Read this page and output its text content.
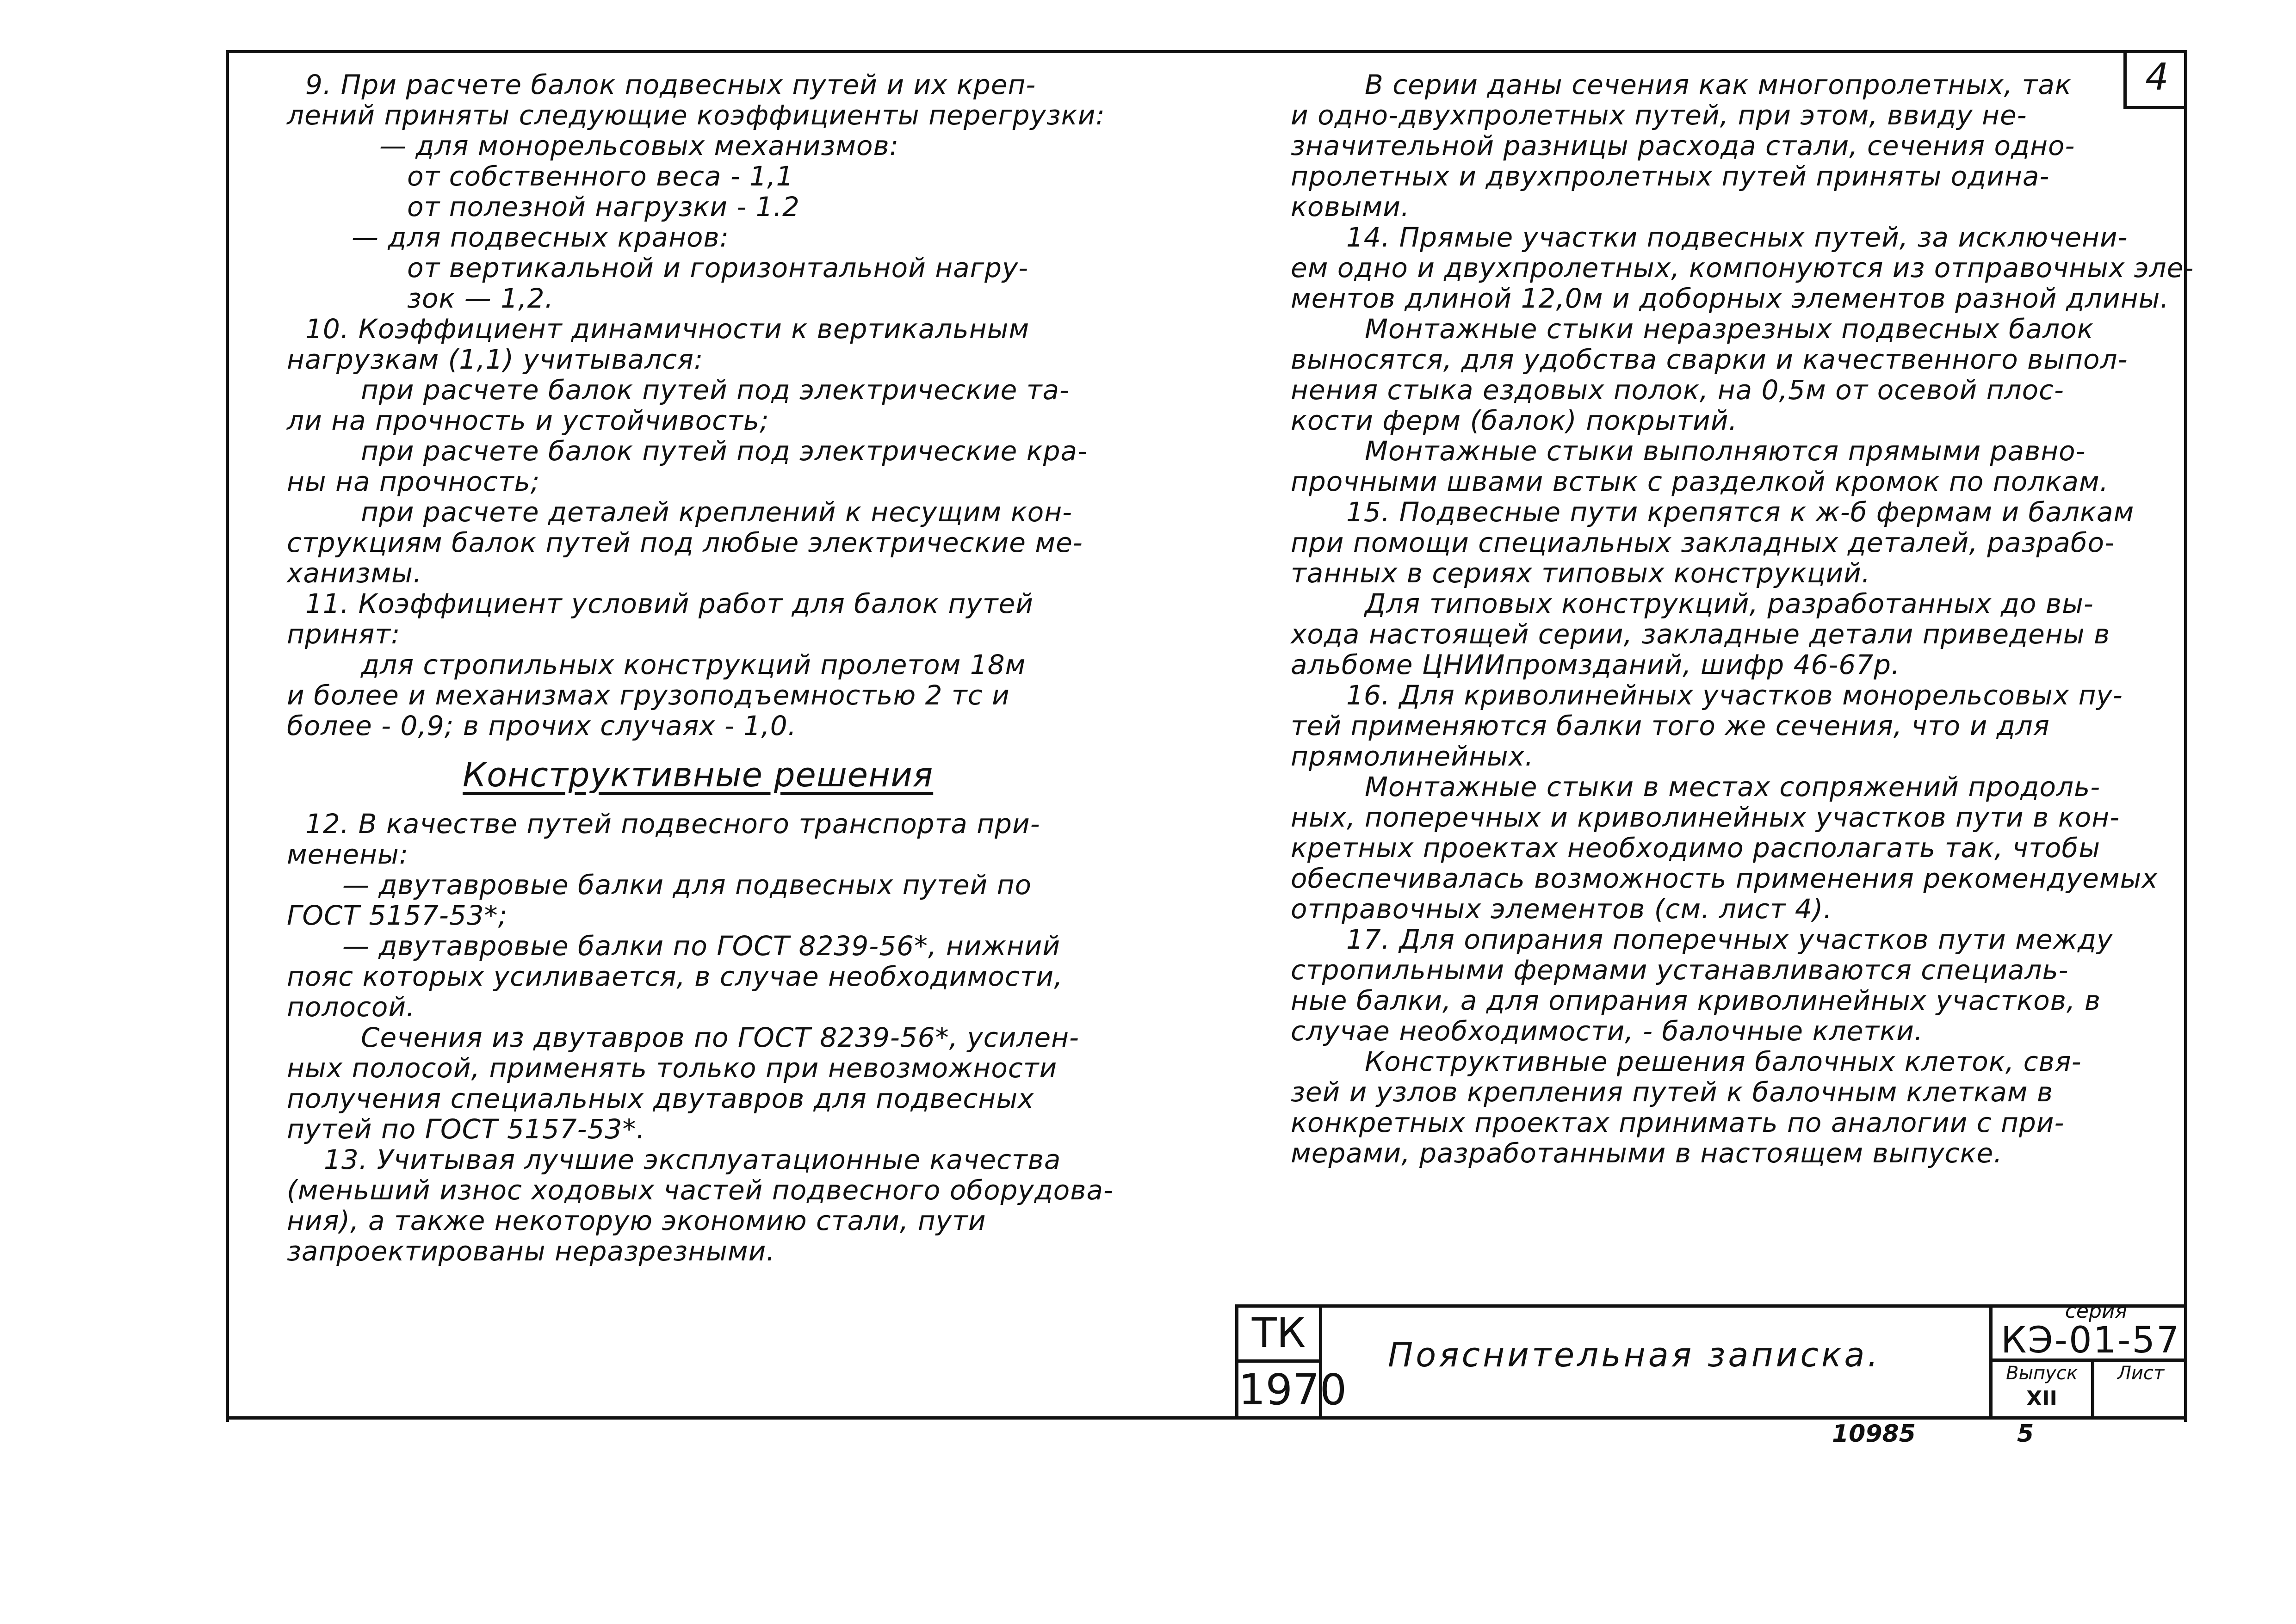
4
9. При расчете балок подвесных путей и их креп-
лений приняты следующие коэффициенты перегрузки:
— для монорельсовых механизмов:
от собственного веса - 1,1
от полезной нагрузки - 1.2
— для подвесных кранов:
от вертикальной и горизонтальной нагру-
зок — 1,2.
10. Коэффициент динамичности к вертикальным
нагрузкам (1,1) учитывался:
при расчете балок путей под электрические та-
ли на прочность и устойчивость;
при расчете балок путей под электрические кра-
ны на прочность;
при расчете деталей креплений к несущим кон-
струкциям балок путей под любые электрические ме-
ханизмы.
11. Коэффициент условий работ для балок путей
принят:
для стропильных конструкций пролетом 18м
и более и механизмах грузоподъемностью 2 тс и
более - 0,9; в прочих случаях - 1,0.
Конструктивные решения
12. В качестве путей подвесного транспорта при-
менены:
— двутавровые балки для подвесных путей по
ГОСТ 5157-53*;
— двутавровые балки по ГОСТ 8239-56*, нижний
пояс которых усиливается, в случае необходимости,
полосой.
Сечения из двутавров по ГОСТ 8239-56*, усилен-
ных полосой, применять только при невозможности
получения специальных двутавров для подвесных
путей по ГОСТ 5157-53*.
13. Учитывая лучшие эксплуатационные качества
(меньший износ ходовых частей подвесного оборудова-
ния), а также некоторую экономию стали, пути
запроектированы неразрезными.
В серии даны сечения как многопролетных, так
и одно-двухпролетных путей, при этом, ввиду не-
значительной разницы расхода стали, сечения одно-
пролетных и двухпролетных путей приняты одина-
ковыми.
14. Прямые участки подвесных путей, за исключени-
ем одно и двухпролетных, компонуются из отправочных эле-
ментов длиной 12,0м и доборных элементов разной длины.
Монтажные стыки неразрезных подвесных балок
выносятся, для удобства сварки и качественного выпол-
нения стыка ездовых полок, на 0,5м от осевой плос-
кости ферм (балок) покрытий.
Монтажные стыки выполняются прямыми равно-
прочными швами встык с разделкой кромок по полкам.
15. Подвесные пути крепятся к ж-б фермам и балкам
при помощи специальных закладных деталей, разрабо-
танных в сериях типовых конструкций.
Для типовых конструкций, разработанных до вы-
хода настоящей серии, закладные детали приведены в
альбоме ЦНИИпромзданий, шифр 46-67р.
16. Для криволинейных участков монорельсовых пу-
тей применяются балки того же сечения, что и для
прямолинейных.
Монтажные стыки в местах сопряжений продоль-
ных, поперечных и криволинейных участков пути в кон-
кретных проектах необходимо располагать так, чтобы
обеспечивалась возможность применения рекомендуемых
отправочных элементов (см. лист 4).
17. Для опирания поперечных участков пути между
стропильными фермами устанавливаются специаль-
ные балки, а для опирания криволинейных участков, в
случае необходимости, - балочные клетки.
Конструктивные решения балочных клеток, свя-
зей и узлов крепления путей к балочным клеткам в
конкретных проектах принимать по аналогии с при-
мерами, разработанными в настоящем выпуске.
ТК
1970
Пояснительная записка.
серия
КЭ-01-57
Выпуск
XII
Лист
10985	5
